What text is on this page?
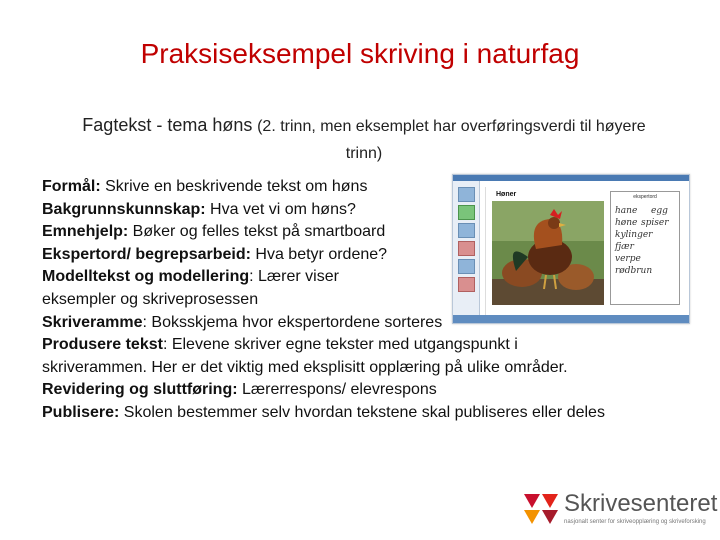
Praksiseksempel skriving i naturfag
Fagtekst - tema høns (2. trinn, men eksemplet har overføringsverdi til høyere
trinn)
Formål: Skrive en beskrivende tekst om høns
Bakgrunnskunnskap: Hva vet vi om høns?
Emnehjelp: Bøker og felles tekst på smartboard
Ekspertord/ begrepsarbeid: Hva betyr ordene?
Modelltekst og modellering: Lærer viser
eksempler og skriveprosessen
Skriveramme: Boksskjema hvor ekspertordene sorteres
Produsere tekst: Elevene skriver egne tekster med utgangspunkt i
skriverammen. Her er det viktig med eksplisitt opplæring på ulike områder.
Revidering og sluttføring: Lærerrespons/ elevrespons
Publisere: Skolen bestemmer selv hvordan tekstene skal publiseres eller deles
Høner	ekspertord
hane egg
høne spiser
kylinger
fjær
verpe
rødbrun
Skrivesenteret
nasjonalt senter for skriveopplæring og skriveforsking
